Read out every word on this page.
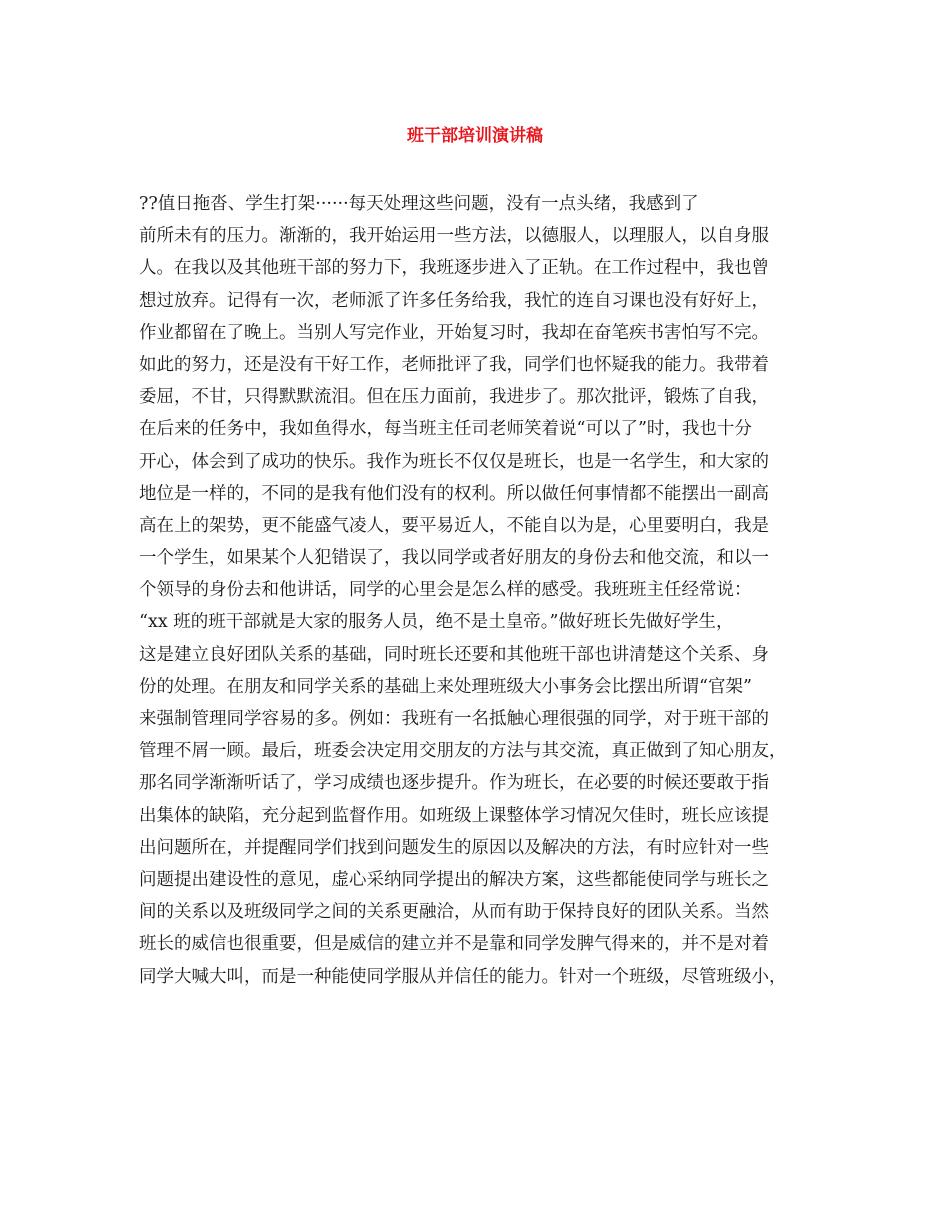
班干部培训演讲稿
??值日拖沓、学生打架······每天处理这些问题，没有一点头绪，我感到了
前所未有的压力。渐渐的，我开始运用一些方法，以德服人，以理服人，以自身服
人。在我以及其他班干部的努力下，我班逐步进入了正轨。在工作过程中，我也曾
想过放弃。记得有一次，老师派了许多任务给我，我忙的连自习课也没有好好上，
作业都留在了晚上。当别人写完作业，开始复习时，我却在奋笔疾书害怕写不完。
如此的努力，还是没有干好工作，老师批评了我，同学们也怀疑我的能力。我带着
委屈，不甘，只得默默流泪。但在压力面前，我进步了。那次批评，锻炼了自我，
在后来的任务中，我如鱼得水，每当班主任司老师笑着说“可以了”时，我也十分
开心，体会到了成功的快乐。我作为班长不仅仅是班长，也是一名学生，和大家的
地位是一样的，不同的是我有他们没有的权利。所以做任何事情都不能摆出一副高
高在上的架势，更不能盛气凌人，要平易近人，不能自以为是，心里要明白，我是
一个学生，如果某个人犯错误了，我以同学或者好朋友的身份去和他交流，和以一
个领导的身份去和他讲话，同学的心里会是怎么样的感受。我班班主任经常说：
“xx 班的班干部就是大家的服务人员，绝不是土皇帝。”做好班长先做好学生，
这是建立良好团队关系的基础，同时班长还要和其他班干部也讲清楚这个关系、身
份的处理。在朋友和同学关系的基础上来处理班级大小事务会比摆出所谓“官架”
来强制管理同学容易的多。例如：我班有一名抵触心理很强的同学，对于班干部的
管理不屑一顾。最后，班委会决定用交朋友的方法与其交流，真正做到了知心朋友，
那名同学渐渐听话了，学习成绩也逐步提升。作为班长，在必要的时候还要敢于指
出集体的缺陷，充分起到监督作用。如班级上课整体学习情况欠佳时，班长应该提
出问题所在，并提醒同学们找到问题发生的原因以及解决的方法，有时应针对一些
问题提出建设性的意见，虚心采纳同学提出的解决方案，这些都能使同学与班长之
间的关系以及班级同学之间的关系更融洽，从而有助于保持良好的团队关系。当然
班长的威信也很重要，但是威信的建立并不是靠和同学发脾气得来的，并不是对着
同学大喊大叫，而是一种能使同学服从并信任的能力。针对一个班级，尽管班级小，
